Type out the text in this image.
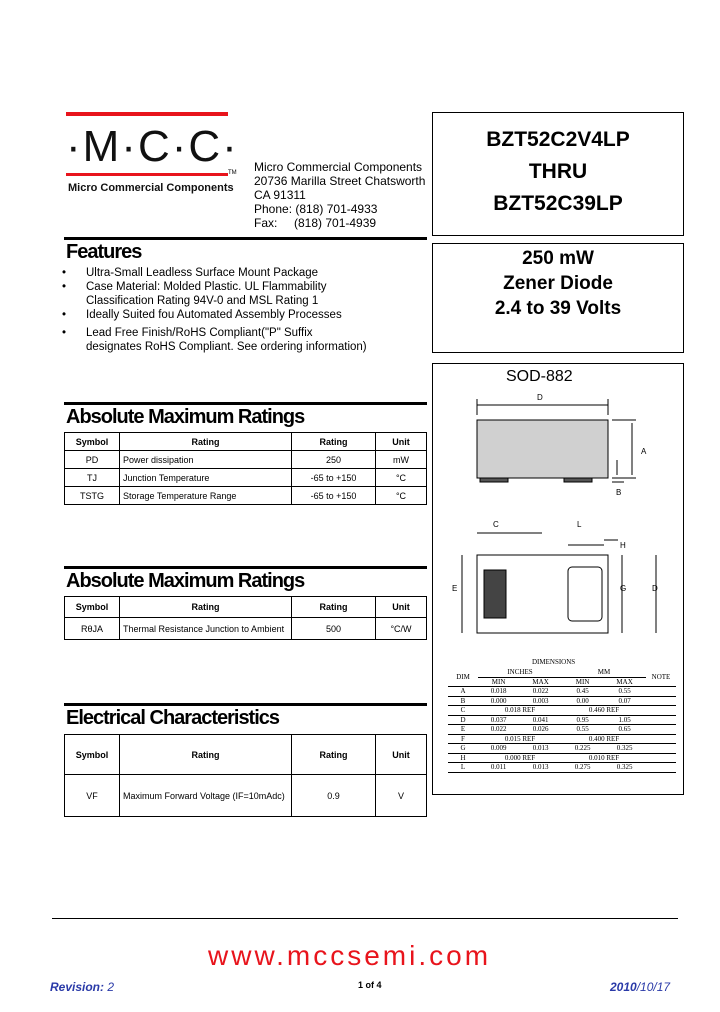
·M·C·C·
TM
Micro Commercial Components
Micro Commercial Components
20736 Marilla Street Chatsworth
CA 91311
Phone: (818) 701-4933
Fax:     (818) 701-4939
BZT52C2V4LP
THRU
BZT52C39LP
250 mW
Zener Diode
2.4 to 39 Volts
Features
• Ultra-Small Leadless Surface Mount Package
• Case Material: Molded Plastic. UL Flammability
Classification Rating 94V-0 and MSL Rating 1
• Ideally Suited fou Automated Assembly Processes
• Lead Free Finish/RoHS Compliant("P" Suffix
designates RoHS Compliant. See ordering information)
Absolute Maximum Ratings
Symbol	Rating	Rating	Unit
PD	Power dissipation	250	mW
TJ	Junction Temperature	-65 to +150	°C
TSTG	Storage Temperature Range	-65 to +150	°C
Absolute Maximum Ratings
Symbol	Rating	Rating	Unit
RθJA	Thermal Resistance Junction to Ambient	500	°C/W
Electrical Characteristics
Symbol	Rating	Rating	Unit
VF	Maximum Forward Voltage (IF=10mAdc)	0.9	V
SOD-882
D
A
B
C	L
H
E	G	D
DIMENSIONS
DIM	INCHES		MM		NOTE
	MIN	MAX	MIN	MAX	
A	0.018	0.022	0.45	0.55	
B	0.000	0.003	0.00	0.07	
C	0.018 REF		0.460 REF		
D	0.037	0.041	0.95	1.05	
E	0.022	0.026	0.55	0.65	
F	0.015 REF		0.400 REF		
G	0.009	0.013	0.225	0.325	
H	0.000 REF		0.010 REF		
L	0.011	0.013	0.275	0.325	
www.mccsemi.com
Revision: 2	1 of 4	2010/10/17
